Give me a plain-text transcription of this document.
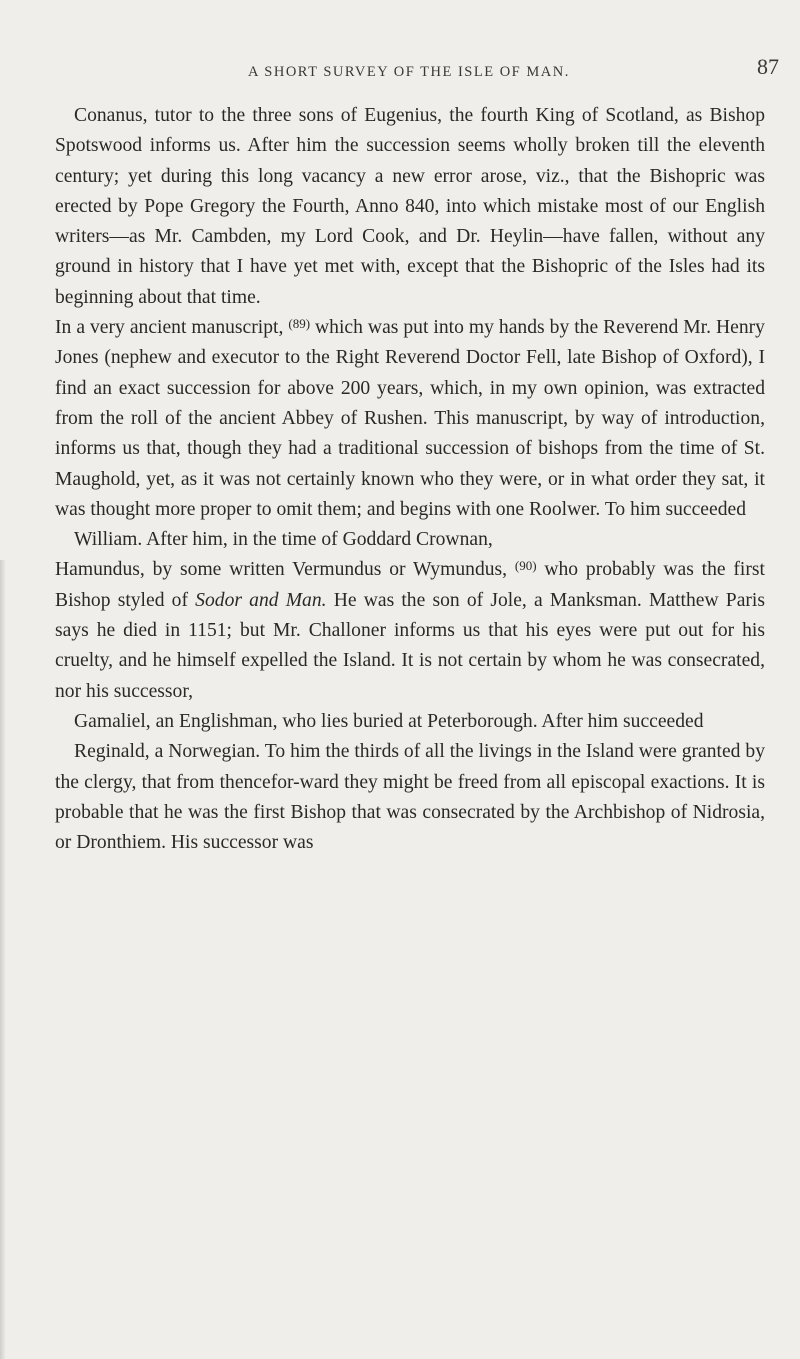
A SHORT SURVEY OF THE ISLE OF MAN.	87

Conanus, tutor to the three sons of Eugenius, the fourth King of Scotland, as Bishop Spotswood informs us. After him the succession seems wholly broken till the eleventh century; yet during this long vacancy a new error arose, viz., that the Bishopric was erected by Pope Gregory the Fourth, Anno 840, into which mistake most of our English writers—as Mr. Cambden, my Lord Cook, and Dr. Heylin—have fallen, without any ground in history that I have yet met with, except that the Bishopric of the Isles had its beginning about that time.

In a very ancient manuscript, $^{(89)}$ which was put into my hands by the Reverend Mr. Henry Jones (nephew and executor to the Right Reverend Doctor Fell, late Bishop of Oxford), I find an exact succession for above 200 years, which, in my own opinion, was extracted from the roll of the ancient Abbey of Rushen. This manuscript, by way of introduction, informs us that, though they had a traditional succession of bishops from the time of St. Maughold, yet, as it was not certainly known who they were, or in what order they sat, it was thought more proper to omit them; and begins with one Roolwer. To him succeeded

William. After him, in the time of Goddard Crownan,

Hamundus, by some written Vermundus or Wymundus, $^{(90)}$ who probably was the first Bishop styled of Sodor and Man. He was the son of Jole, a Manksman. Matthew Paris says he died in 1151; but Mr. Challoner informs us that his eyes were put out for his cruelty, and he himself expelled the Island. It is not certain by whom he was consecrated, nor his successor,

Gamaliel, an Englishman, who lies buried at Peterborough. After him succeeded

Reginald, a Norwegian. To him the thirds of all the livings in the Island were granted by the clergy, that from thencefor-ward they might be freed from all episcopal exactions. It is probable that he was the first Bishop that was consecrated by the Archbishop of Nidrosia, or Dronthiem. His successor was
